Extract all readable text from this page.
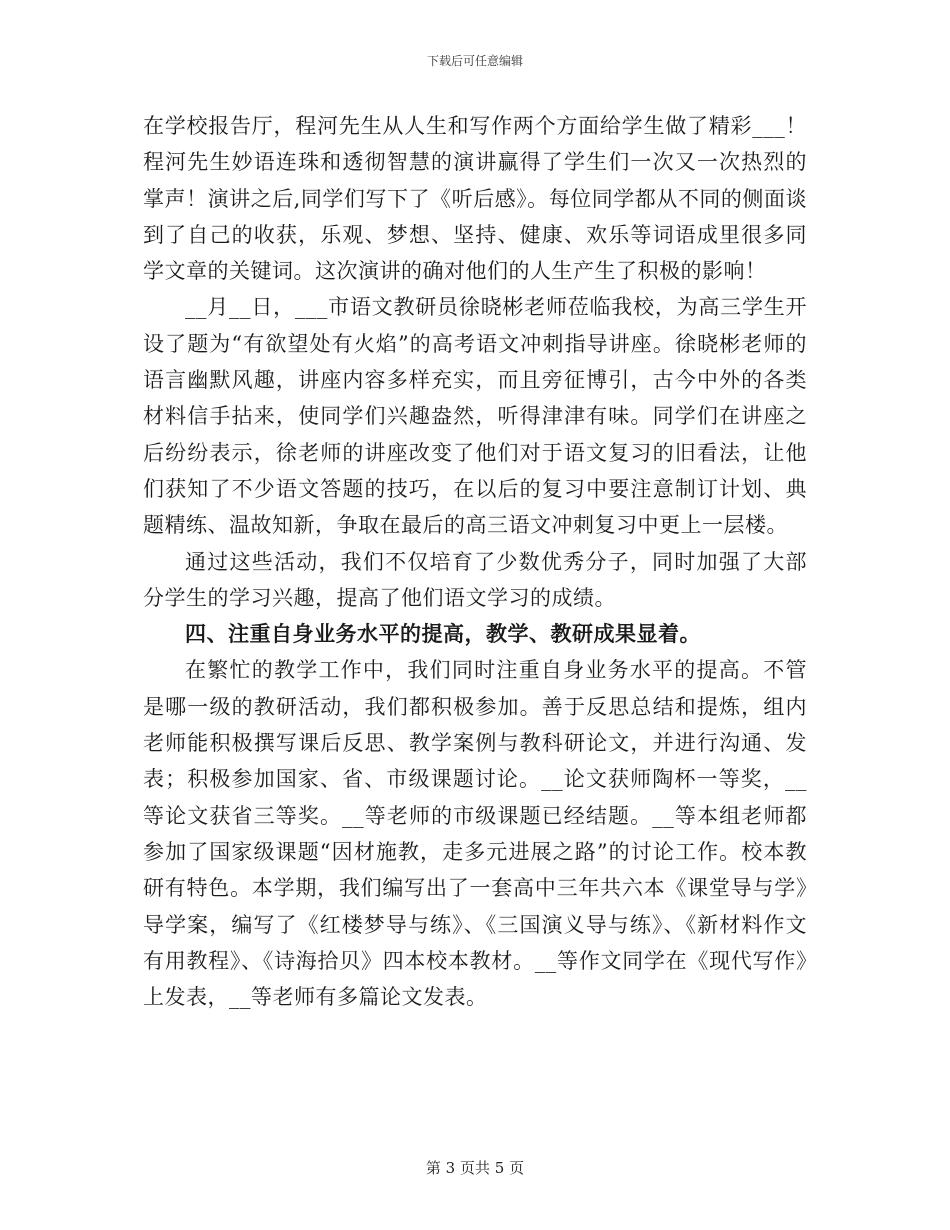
下载后可任意编辑

在学校报告厅，程河先生从人生和写作两个方面给学生做了精彩___！程河先生妙语连珠和透彻智慧的演讲赢得了学生们一次又一次热烈的掌声！演讲之后,同学们写下了《听后感》。每位同学都从不同的侧面谈到了自己的收获，乐观、梦想、坚持、健康、欢乐等词语成里很多同学文章的关键词。这次演讲的确对他们的人生产生了积极的影响！

__月__日，___市语文教研员徐晓彬老师莅临我校，为高三学生开设了题为“有欲望处有火焰”的高考语文冲刺指导讲座。徐晓彬老师的语言幽默风趣，讲座内容多样充实，而且旁征博引，古今中外的各类材料信手拈来，使同学们兴趣盎然，听得津津有味。同学们在讲座之后纷纷表示，徐老师的讲座改变了他们对于语文复习的旧看法，让他们获知了不少语文答题的技巧，在以后的复习中要注意制订计划、典题精练、温故知新，争取在最后的高三语文冲刺复习中更上一层楼。

通过这些活动，我们不仅培育了少数优秀分子，同时加强了大部分学生的学习兴趣，提高了他们语文学习的成绩。

四、注重自身业务水平的提高，教学、教研成果显着。

在繁忙的教学工作中，我们同时注重自身业务水平的提高。不管是哪一级的教研活动，我们都积极参加。善于反思总结和提炼，组内老师能积极撰写课后反思、教学案例与教科研论文，并进行沟通、发表；积极参加国家、省、市级课题讨论。__论文获师陶杯一等奖，__等论文获省三等奖。__等老师的市级课题已经结题。__等本组老师都参加了国家级课题“因材施教，走多元进展之路”的讨论工作。校本教研有特色。本学期，我们编写出了一套高中三年共六本《课堂导与学》导学案，编写了《红楼梦导与练》、《三国演义导与练》、《新材料作文有用教程》、《诗海拾贝》四本校本教材。__等作文同学在《现代写作》上发表，__等老师有多篇论文发表。

第 3 页共 5 页
